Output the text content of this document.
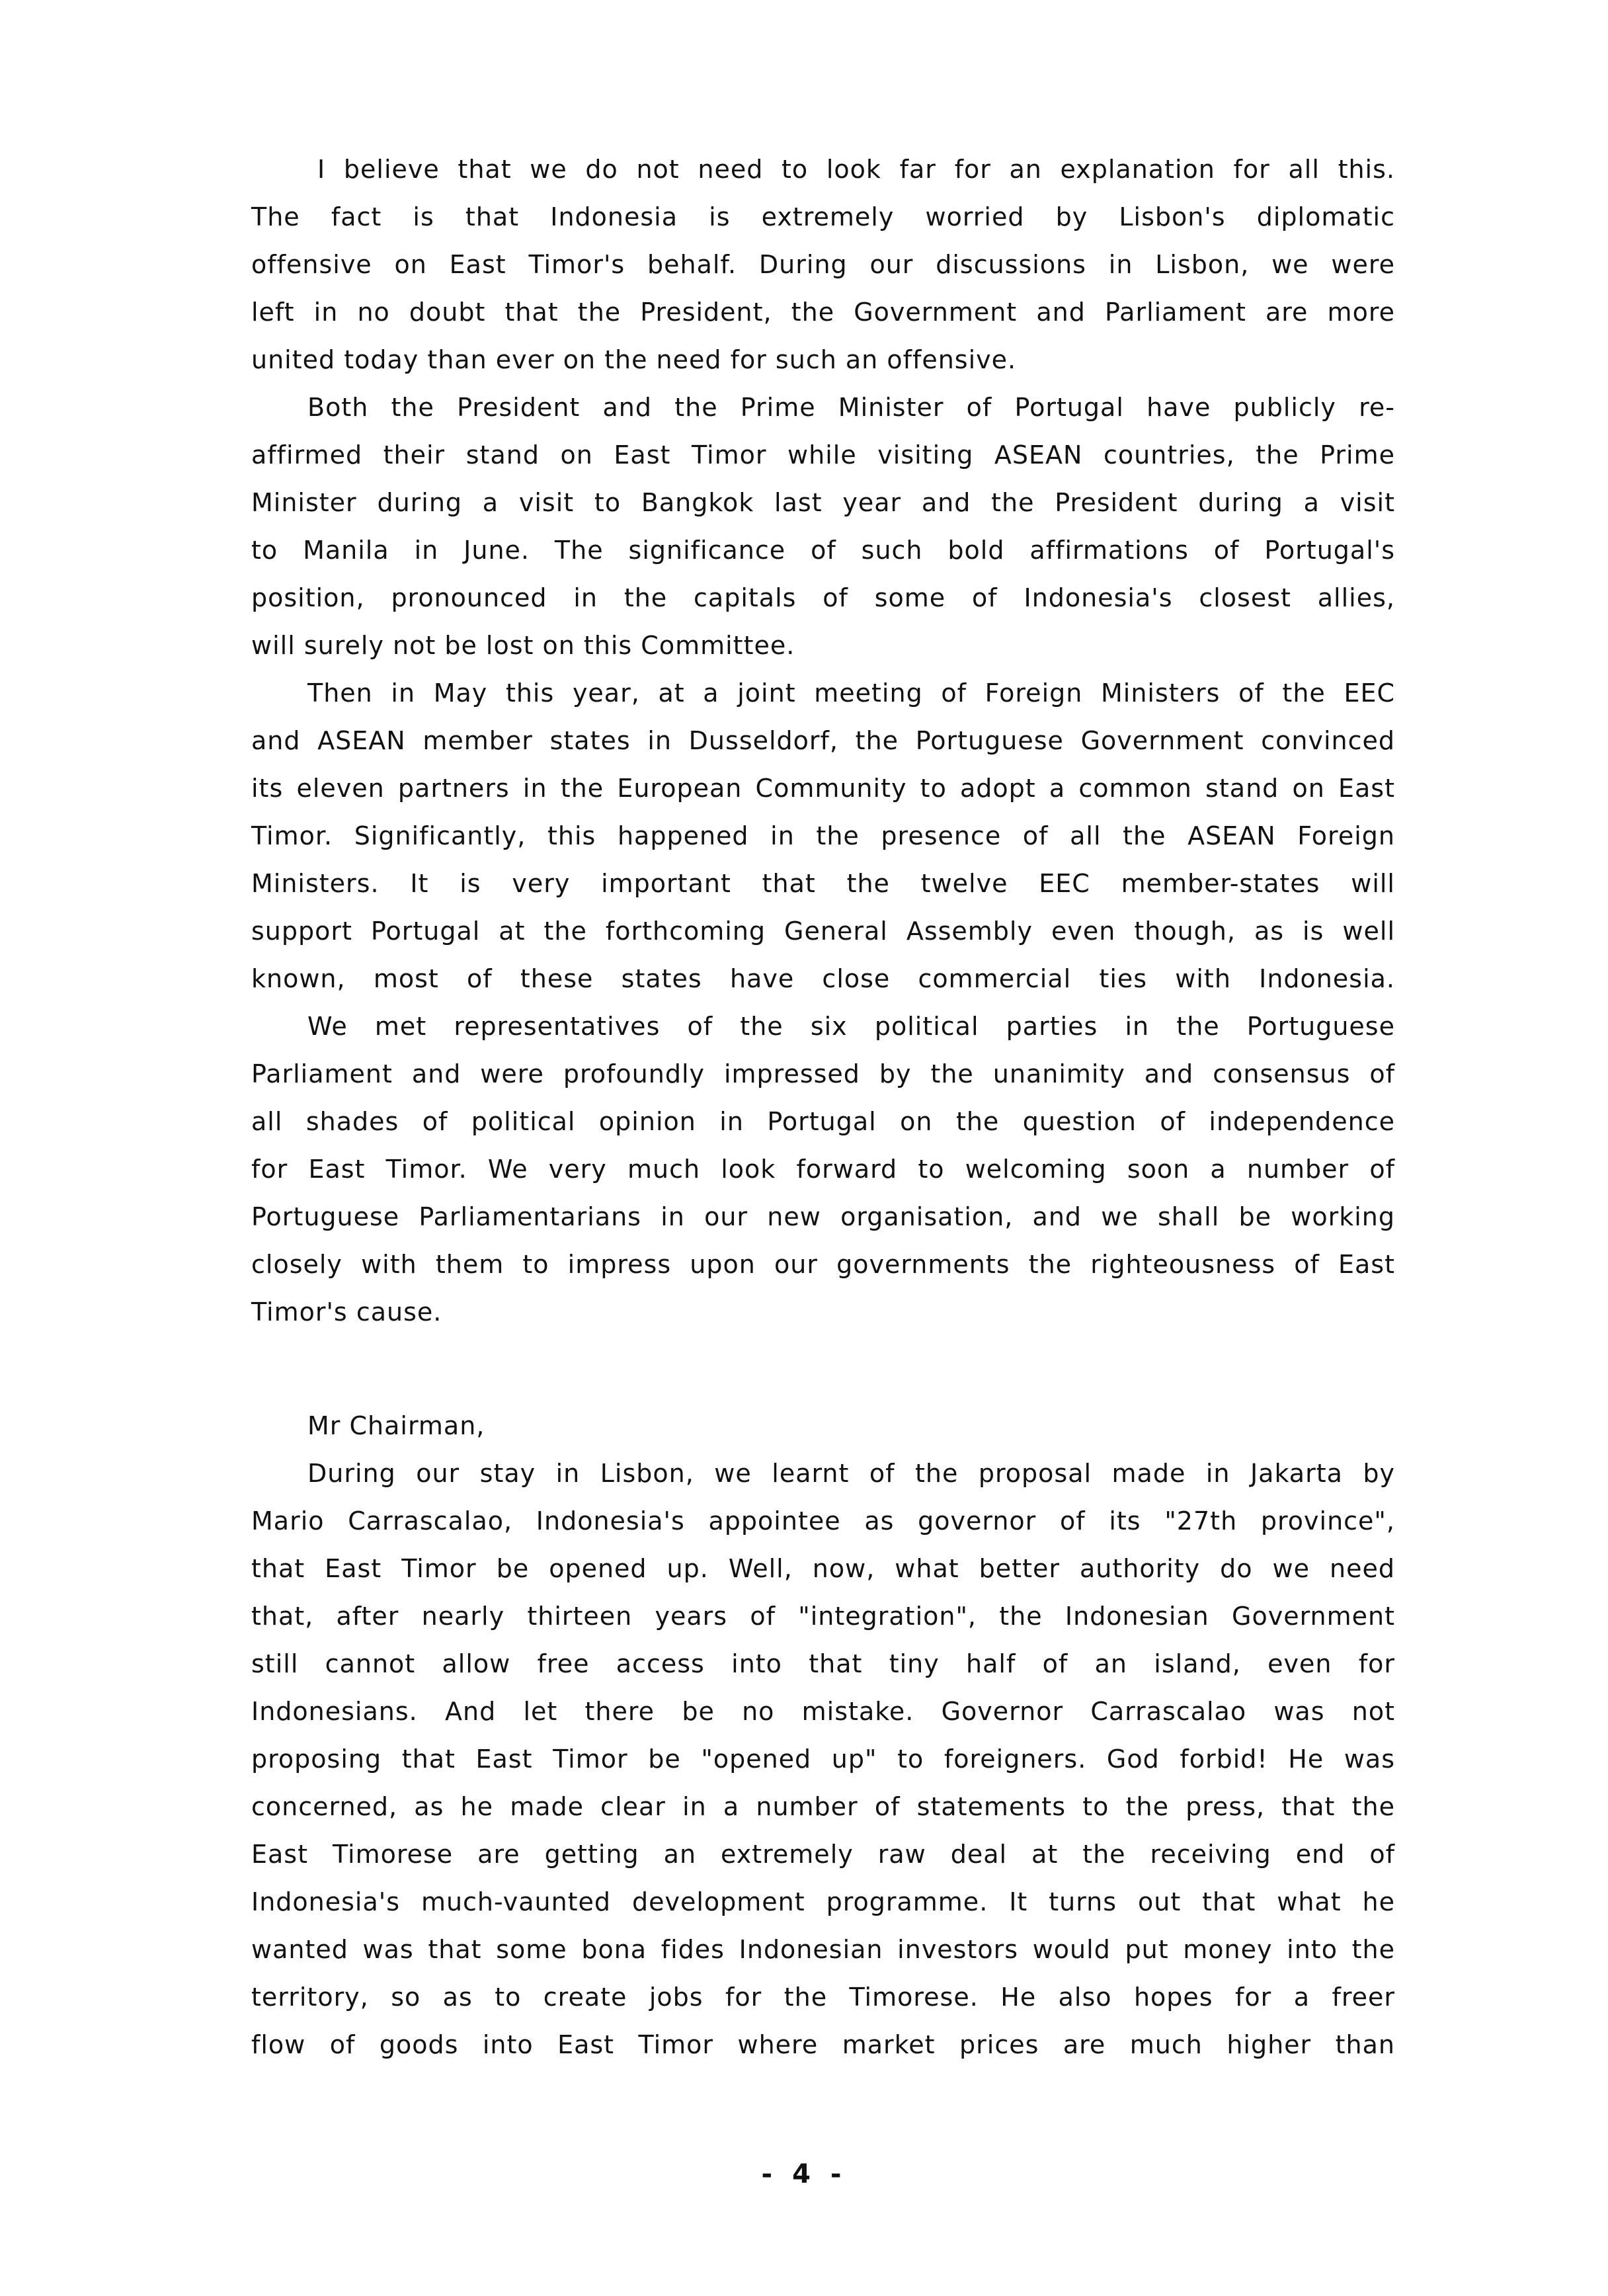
I believe that we do not need to look far for an explanation for all this.
The fact is that Indonesia is extremely worried by Lisbon's diplomatic
offensive on East Timor's behalf. During our discussions in Lisbon, we were
left in no doubt that the President, the Government and Parliament are more
united today than ever on the need for such an offensive.
Both the President and the Prime Minister of Portugal have publicly re-
affirmed their stand on East Timor while visiting ASEAN countries, the Prime
Minister during a visit to Bangkok last year and the President during a visit
to Manila in June. The significance of such bold affirmations of Portugal's
position, pronounced in the capitals of some of Indonesia's closest allies,
will surely not be lost on this Committee.
Then in May this year, at a joint meeting of Foreign Ministers of the EEC
and ASEAN member states in Dusseldorf, the Portuguese Government convinced
its eleven partners in the European Community to adopt a common stand on East
Timor. Significantly, this happened in the presence of all the ASEAN Foreign
Ministers. It is very important that the twelve EEC member-states will
support Portugal at the forthcoming General Assembly even though, as is well
known, most of these states have close commercial ties with Indonesia.
We met representatives of the six political parties in the Portuguese
Parliament and were profoundly impressed by the unanimity and consensus of
all shades of political opinion in Portugal on the question of independence
for East Timor. We very much look forward to welcoming soon a number of
Portuguese Parliamentarians in our new organisation, and we shall be working
closely with them to impress upon our governments the righteousness of East
Timor's cause.
Mr Chairman,
During our stay in Lisbon, we learnt of the proposal made in Jakarta by
Mario Carrascalao, Indonesia's appointee as governor of its "27th province",
that East Timor be opened up. Well, now, what better authority do we need
that, after nearly thirteen years of "integration", the Indonesian Government
still cannot allow free access into that tiny half of an island, even for
Indonesians. And let there be no mistake. Governor Carrascalao was not
proposing that East Timor be "opened up" to foreigners. God forbid! He was
concerned, as he made clear in a number of statements to the press, that the
East Timorese are getting an extremely raw deal at the receiving end of
Indonesia's much-vaunted development programme. It turns out that what he
wanted was that some bona fides Indonesian investors would put money into the
territory, so as to create jobs for the Timorese. He also hopes for a freer
flow of goods into East Timor where market prices are much higher than
- 4 -
